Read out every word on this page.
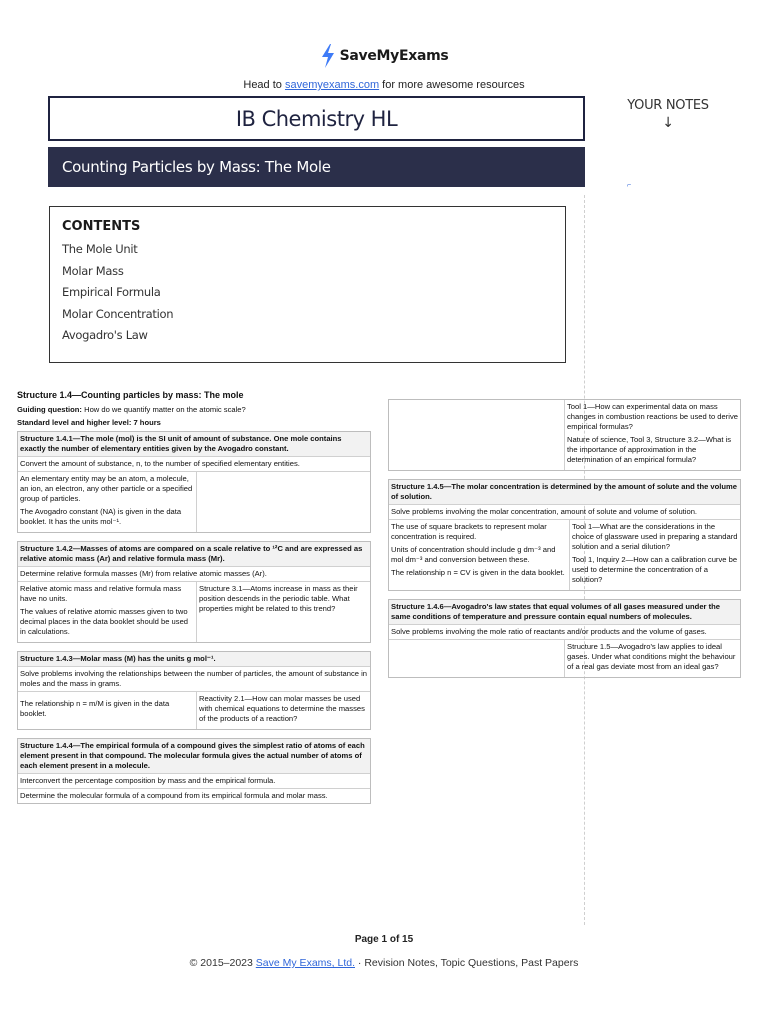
SaveMyExams
Head to savemyexams.com for more awesome resources
IB Chemistry HL
YOUR NOTES
↓
⌐
Counting Particles by Mass: The Mole
CONTENTS
The Mole Unit
Molar Mass
Empirical Formula
Molar Concentration
Avogadro's Law
Structure 1.4—Counting particles by mass: The mole
Guiding question: How do we quantify matter on the atomic scale?
Standard level and higher level: 7 hours
Structure 1.4.1—The mole (mol) is the SI unit of amount of substance. One mole contains exactly the number of elementary entities given by the Avogadro constant.
Convert the amount of substance, n, to the number of specified elementary entities.

An elementary entity may be an atom, a molecule, an ion, an electron, any other particle or a specified group of particles.

The Avogadro constant (NA) is given in the data booklet. It has the units mol⁻¹.

Structure 1.4.2—Masses of atoms are compared on a scale relative to ¹²C and are expressed as relative atomic mass (Ar) and relative formula mass (Mr).
Determine relative formula masses (Mr) from relative atomic masses (Ar).

Relative atomic mass and relative formula mass have no units.

The values of relative atomic masses given to two decimal places in the data booklet should be used in calculations.

Structure 3.1—Atoms increase in mass as their position descends in the periodic table. What properties might be related to this trend?

Structure 1.4.3—Molar mass (M) has the units g mol⁻¹.
Solve problems involving the relationships between the number of particles, the amount of substance in moles and the mass in grams.

The relationship n = m/M is given in the data booklet.

Reactivity 2.1—How can molar masses be used with chemical equations to determine the masses of the products of a reaction?

Structure 1.4.4—The empirical formula of a compound gives the simplest ratio of atoms of each element present in that compound. The molecular formula gives the actual number of atoms of each element present in a molecule.
Interconvert the percentage composition by mass and the empirical formula.
Determine the molecular formula of a compound from its empirical formula and molar mass.

Tool 1—How can experimental data on mass changes in combustion reactions be used to derive empirical formulas?

Nature of science, Tool 3, Structure 3.2—What is the importance of approximation in the determination of an empirical formula?

Structure 1.4.5—The molar concentration is determined by the amount of solute and the volume of solution.
Solve problems involving the molar concentration, amount of solute and volume of solution.

The use of square brackets to represent molar concentration is required.

Units of concentration should include g dm⁻³ and mol dm⁻³ and conversion between these.

The relationship n = CV is given in the data booklet.

Tool 1—What are the considerations in the choice of glassware used in preparing a standard solution and a serial dilution?

Tool 1, Inquiry 2—How can a calibration curve be used to determine the concentration of a solution?

Structure 1.4.6—Avogadro's law states that equal volumes of all gases measured under the same conditions of temperature and pressure contain equal numbers of molecules.
Solve problems involving the mole ratio of reactants and/or products and the volume of gases.

Structure 1.5—Avogadro's law applies to ideal gases. Under what conditions might the behaviour of a real gas deviate most from an ideal gas?

Page 1 of 15
© 2015–2023 Save My Exams, Ltd. · Revision Notes, Topic Questions, Past Papers
